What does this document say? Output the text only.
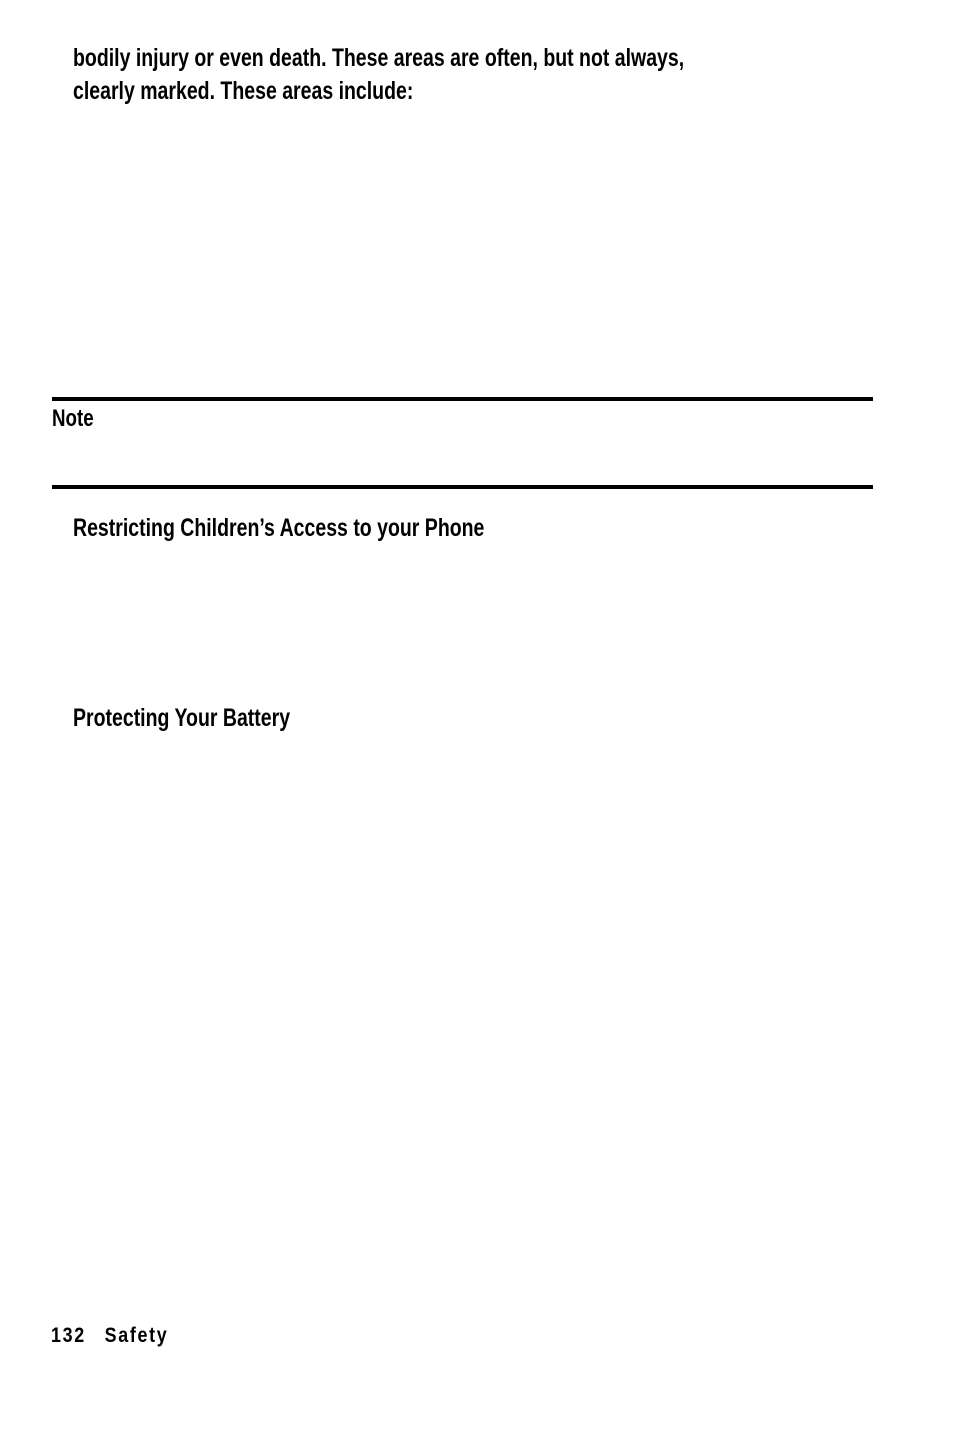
bodily injury or even death. These areas are often, but not always,
clearly marked. These areas include:
Note
Restricting Children’s Access to your Phone
Protecting Your Battery
132 Safety
